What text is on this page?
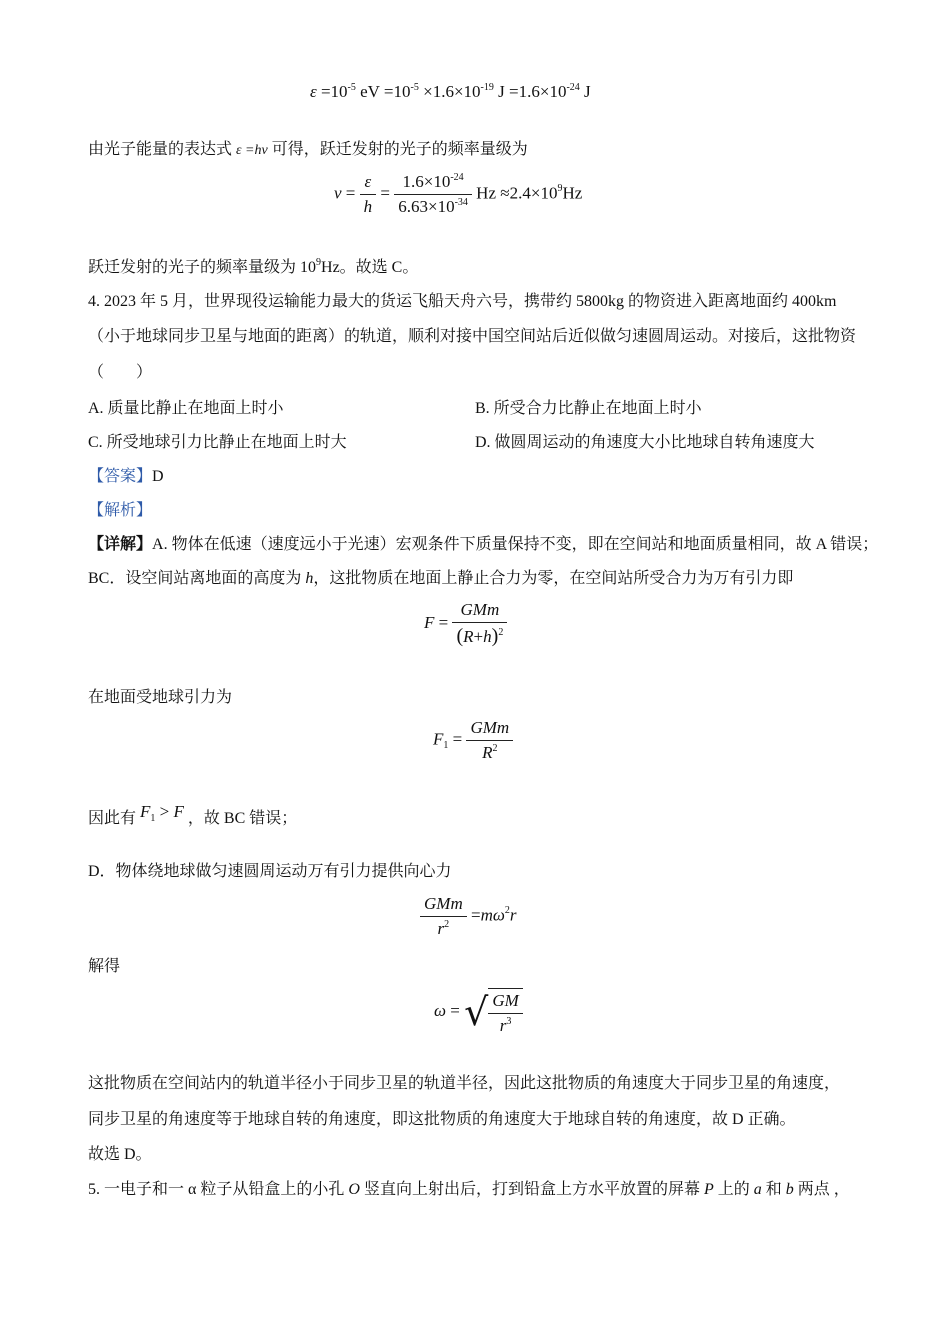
$\varepsilon =10^{-5}$ eV $=10^{-5} \times 1.6\times 10^{-19}$ $J =1.6\times 10^{-24}$ J
由光子能量的表达式 ε =hν 可得，跃迁发射的光子的频率量级为
$\nu = \frac{\varepsilon}{h} = \frac{1.6\times 10^{-24}}{6.63\times 10^{-34}}$ $Hz \approx 2.4\times 10^9Hz$
跃迁发射的光子的频率量级为 $10^9Hz$。故选 C。
4. 2023 年 5 月，世界现役运输能力最大的货运飞船天舟六号，携带约 5800kg 的物资进入距离地面约 400km
（小于地球同步卫星与地面的距离）的轨道，顺利对接中国空间站后近似做匀速圆周运动。对接后，这批物资
（　　）
A. 质量比静止在地面上时小	B. 所受合力比静止在地面上时小
C. 所受地球引力比静止在地面上时大	D. 做圆周运动的角速度大小比地球自转角速度大
【答案】D
【解析】
【详解】A. 物体在低速（速度远小于光速）宏观条件下质量保持不变，即在空间站和地面质量相同，故 A 错误；
BC．设空间站离地面的高度为 h，这批物质在地面上静止合力为零，在空间站所受合力为万有引力即
$F = \frac{\text{GMm}}{(R+h)^2}$
在地面受地球引力为
$F_1 = \frac{\text{GMm}}{R^2}$
因此有 $F_1 > F$ ，故 BC 错误；
D．物体绕地球做匀速圆周运动万有引力提供向心力
$\frac{\text{GMm}}{r^2} =m\omega^2r$
解得
ω = √ $\frac{GM}{r^3}$
这批物质在空间站内的轨道半径小于同步卫星的轨道半径，因此这批物质的角速度大于同步卫星的角速度，
同步卫星的角速度等于地球自转的角速度，即这批物质的角速度大于地球自转的角速度，故 D 正确。
故选 D。
5. 一电子和一 α 粒子从铅盒上的小孔 O 竖直向上射出后，打到铅盒上方水平放置的屏幕 P 上的 a 和 b 两点 ，
